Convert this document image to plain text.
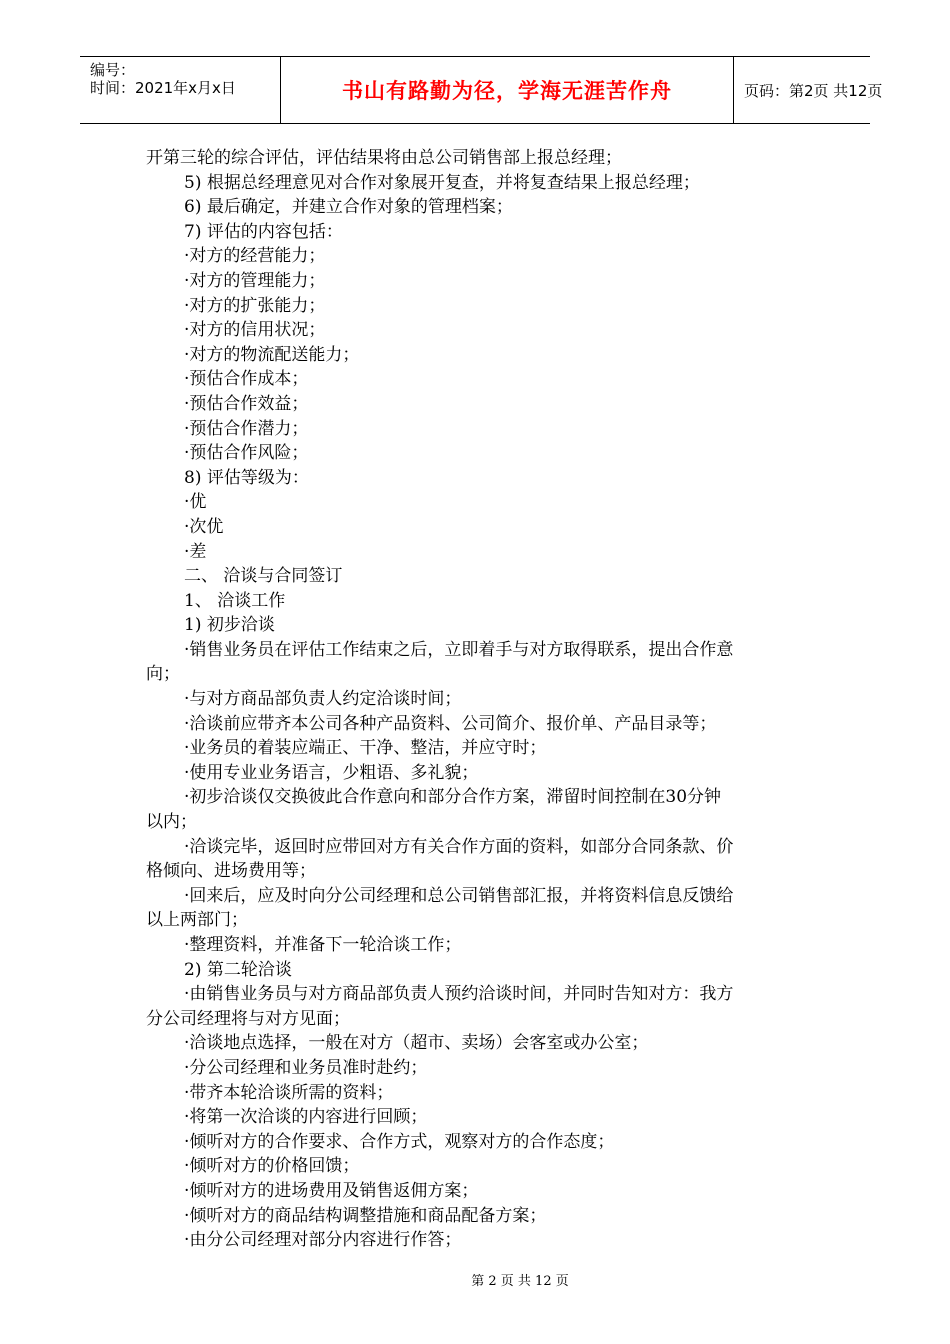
编号：
时间：2021年x月x日	书山有路勤为径，学海无涯苦作舟	页码：第2页 共12页
开第三轮的综合评估，评估结果将由总公司销售部上报总经理；
5) 根据总经理意见对合作对象展开复查，并将复查结果上报总经理；
6) 最后确定，并建立合作对象的管理档案；
7) 评估的内容包括：
·对方的经营能力；
·对方的管理能力；
·对方的扩张能力；
·对方的信用状况；
·对方的物流配送能力；
·预估合作成本；
·预估合作效益；
·预估合作潜力；
·预估合作风险；
8) 评估等级为：
·优
·次优
·差
二、 洽谈与合同签订
1、 洽谈工作
1) 初步洽谈
·销售业务员在评估工作结束之后，立即着手与对方取得联系，提出合作意
向；
·与对方商品部负责人约定洽谈时间；
·洽谈前应带齐本公司各种产品资料、公司简介、报价单、产品目录等；
·业务员的着装应端正、干净、整洁，并应守时；
·使用专业业务语言，少粗语、多礼貌；
·初步洽谈仅交换彼此合作意向和部分合作方案，滞留时间控制在30分钟
以内；
·洽谈完毕，返回时应带回对方有关合作方面的资料，如部分合同条款、价
格倾向、进场费用等；
·回来后，应及时向分公司经理和总公司销售部汇报，并将资料信息反馈给
以上两部门；
·整理资料，并准备下一轮洽谈工作；
2) 第二轮洽谈
·由销售业务员与对方商品部负责人预约洽谈时间，并同时告知对方：我方
分公司经理将与对方见面；
·洽谈地点选择，一般在对方（超市、卖场）会客室或办公室；
·分公司经理和业务员准时赴约；
·带齐本轮洽谈所需的资料；
·将第一次洽谈的内容进行回顾；
·倾听对方的合作要求、合作方式，观察对方的合作态度；
·倾听对方的价格回馈；
·倾听对方的进场费用及销售返佣方案；
·倾听对方的商品结构调整措施和商品配备方案；
·由分公司经理对部分内容进行作答；
第 2 页 共 12 页
